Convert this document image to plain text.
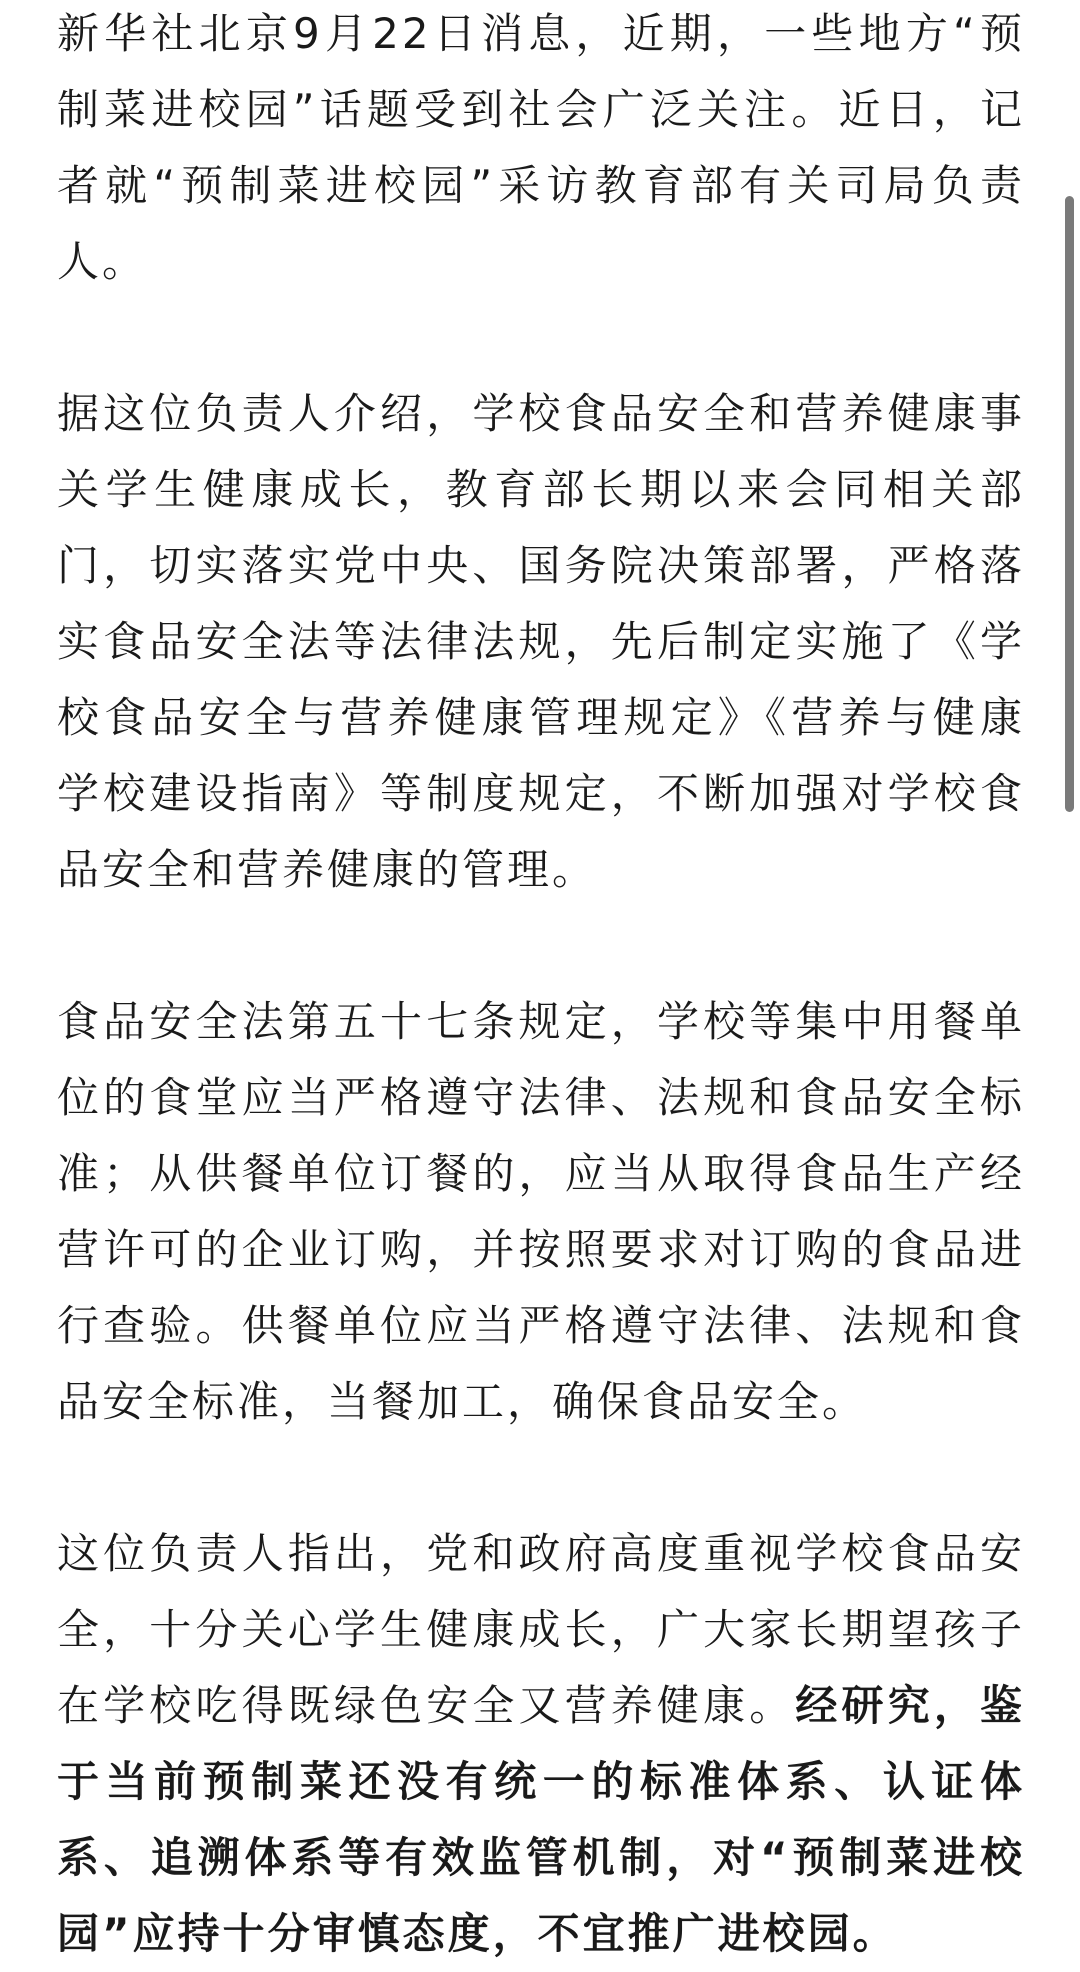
新华社北京9月22日消息，近期，一些地方“预制菜进校园”话题受到社会广泛关注。近日，记者就“预制菜进校园”采访教育部有关司局负责人。

据这位负责人介绍，学校食品安全和营养健康事关学生健康成长，教育部长期以来会同相关部门，切实落实党中央、国务院决策部署，严格落实食品安全法等法律法规，先后制定实施了《学校食品安全与营养健康管理规定》《营养与健康学校建设指南》等制度规定，不断加强对学校食品安全和营养健康的管理。

食品安全法第五十七条规定，学校等集中用餐单位的食堂应当严格遵守法律、法规和食品安全标准；从供餐单位订餐的，应当从取得食品生产经营许可的企业订购，并按照要求对订购的食品进行查验。供餐单位应当严格遵守法律、法规和食品安全标准，当餐加工，确保食品安全。

这位负责人指出，党和政府高度重视学校食品安全，十分关心学生健康成长，广大家长期望孩子在学校吃得既绿色安全又营养健康。经研究，鉴于当前预制菜还没有统一的标准体系、认证体系、追溯体系等有效监管机制，对“预制菜进校园”应持十分审慎态度，不宜推广进校园。
